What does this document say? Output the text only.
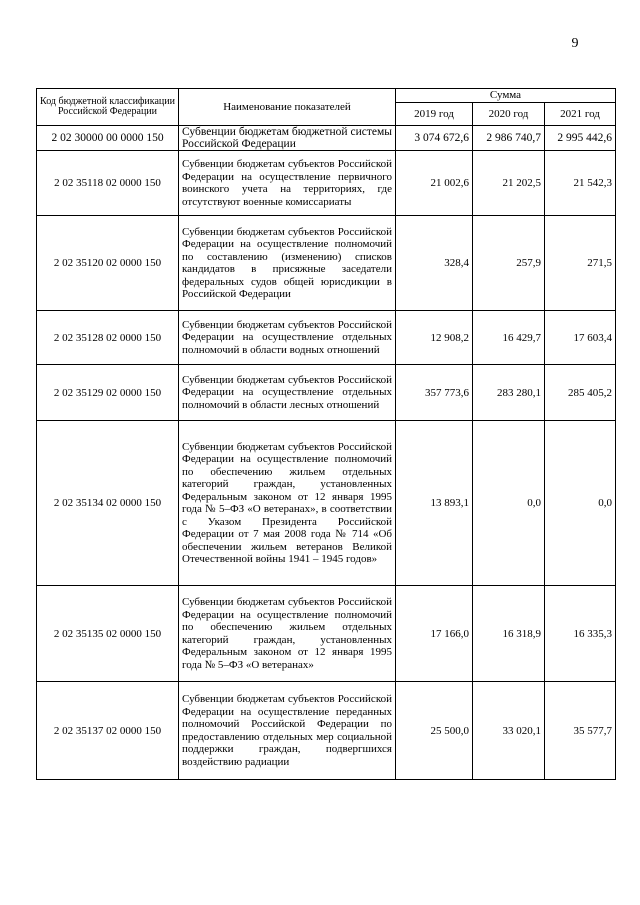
9
Код бюджетной классификации Российской Федерации	Наименование показателей	Сумма		
		2019 год	2020 год	2021 год
2 02 30000 00 0000 150	Субвенции бюджетам бюджетной системы Российской Федерации	3 074 672,6	2 986 740,7	2 995 442,6
2 02 35118 02 0000 150	Субвенции бюджетам субъектов Российской Федерации на осуществление первичного воинского учета на территориях, где отсутствуют военные комиссариаты	21 002,6	21 202,5	21 542,3
2 02 35120 02 0000 150	Субвенции бюджетам субъектов Российской Федерации на осуществление полномочий по составлению (изменению) списков кандидатов в присяжные заседатели федеральных судов общей юрисдикции в Российской Федерации	328,4	257,9	271,5
2 02 35128 02 0000 150	Субвенции бюджетам субъектов Российской Федерации на осуществление отдельных полномочий в области водных отношений	12 908,2	16 429,7	17 603,4
2 02 35129 02 0000 150	Субвенции бюджетам субъектов Российской Федерации на осуществление отдельных полномочий в области лесных отношений	357 773,6	283 280,1	285 405,2
2 02 35134 02 0000 150	Субвенции бюджетам субъектов Российской Федерации на осуществление полномочий по обеспечению жильем отдельных категорий граждан, установленных Федеральным законом от 12 января 1995 года № 5–ФЗ «О ветеранах», в соответствии с Указом Президента Российской Федерации от 7 мая 2008 года № 714 «Об обеспечении жильем ветеранов Великой Отечественной войны 1941 – 1945 годов»	13 893,1	0,0	0,0
2 02 35135 02 0000 150	Субвенции бюджетам субъектов Российской Федерации на осуществление полномочий по обеспечению жильем отдельных категорий граждан, установленных Федеральным законом от 12 января 1995 года № 5–ФЗ «О ветеранах»	17 166,0	16 318,9	16 335,3
2 02 35137 02 0000 150	Субвенции бюджетам субъектов Российской Федерации на осуществление переданных полномочий Российской Федерации по предоставлению отдельных мер социальной поддержки граждан, подвергшихся воздействию радиации	25 500,0	33 020,1	35 577,7
